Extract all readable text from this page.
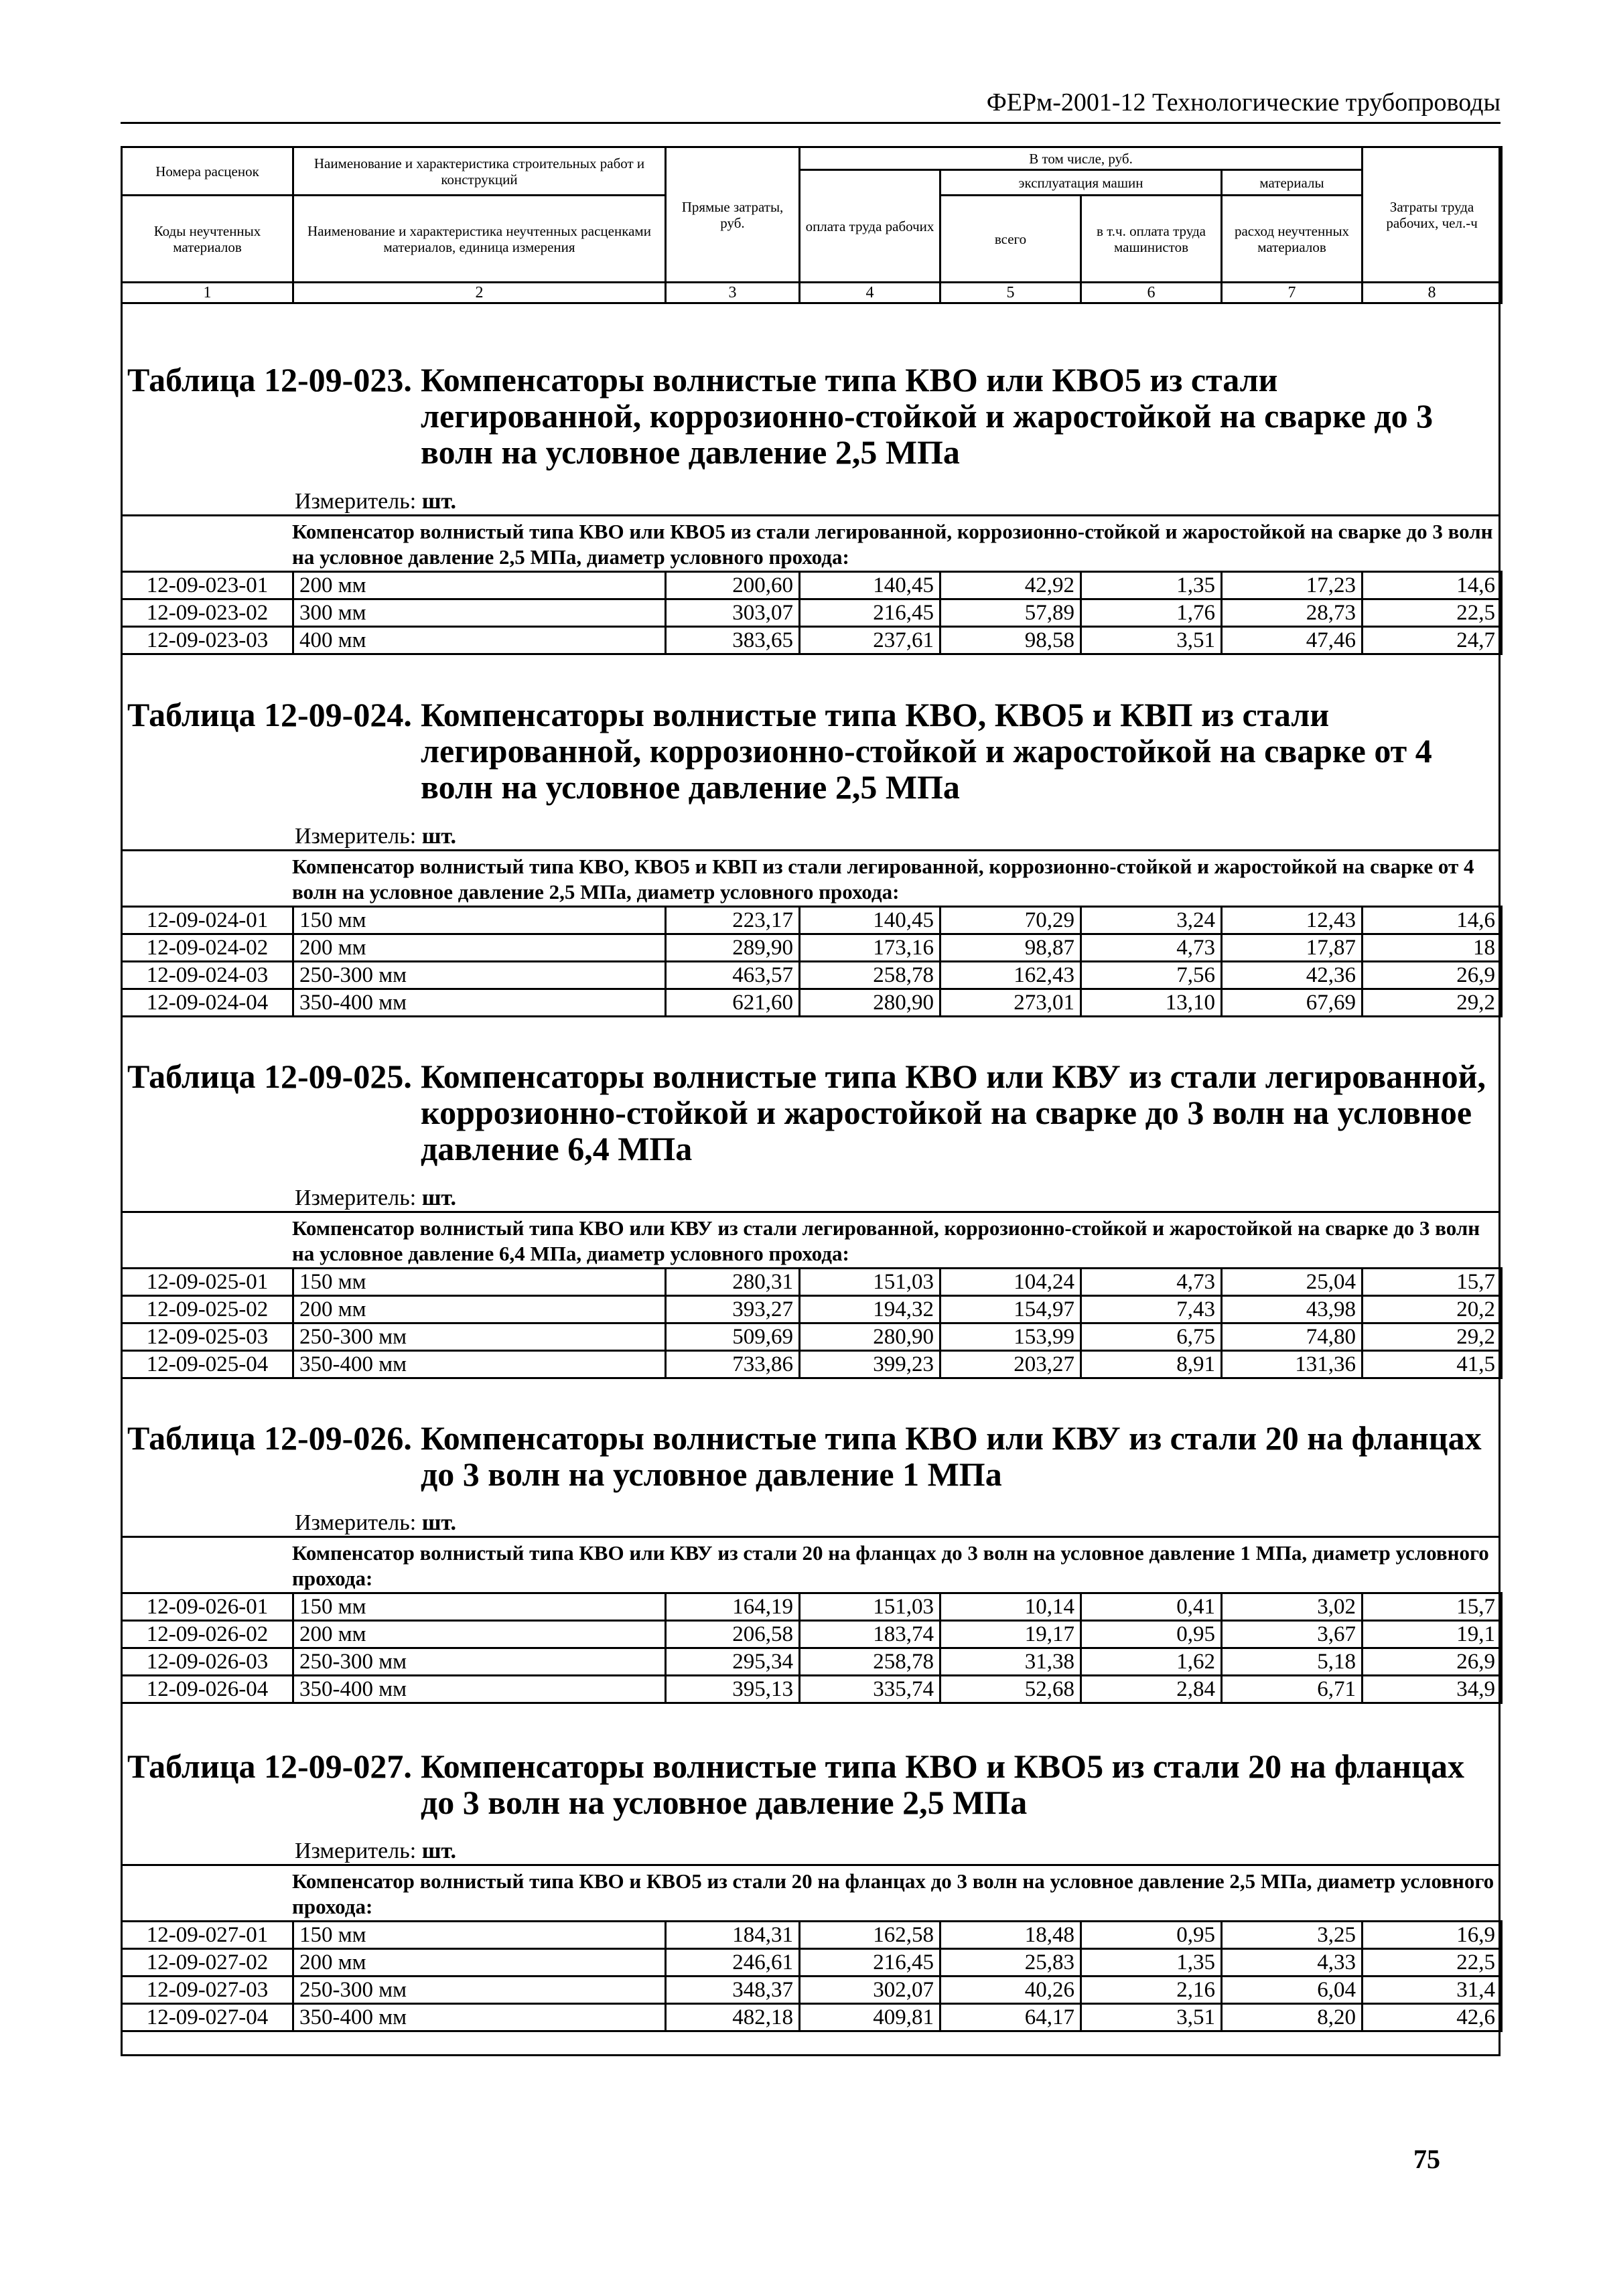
ФЕРм-2001-12 Технологические трубопроводы
Номера расценок	Наименование и характеристика строительных работ и конструкций	Прямые затраты, руб.	В том числе, руб.				Затраты труда рабочих, чел.-ч
			оплата труда рабочих	эксплуатация машин		материалы	
Коды неучтенных материалов	Наименование и характеристика неучтенных расценками материалов, единица измерения			всего	в т.ч. оплата труда машинистов	расход неучтенных материалов	

1	2	3	4	5	6	7	8
Таблица 12-09-023. Компенсаторы волнистые типа КВО или КВО5 из стали легированной, коррозионно-стойкой и жаростойкой на сварке до 3 волн на условное давление 2,5 МПа
Измеритель: шт.
Компенсатор волнистый типа КВО или КВО5 из стали легированной, коррозионно-стойкой и жаростойкой на сварке до 3 волн на условное давление 2,5 МПа, диаметр условного прохода:
12-09-023-01	200 мм	200,60	140,45	42,92	1,35	17,23	14,6
12-09-023-02	300 мм	303,07	216,45	57,89	1,76	28,73	22,5
12-09-023-03	400 мм	383,65	237,61	98,58	3,51	47,46	24,7
Таблица 12-09-024. Компенсаторы волнистые типа КВО, КВО5 и КВП из стали легированной, коррозионно-стойкой и жаростойкой на сварке от 4 волн на условное давление 2,5 МПа
Измеритель: шт.
Компенсатор волнистый типа КВО, КВО5 и КВП из стали легированной, коррозионно-стойкой и жаростойкой на сварке от 4 волн на условное давление 2,5 МПа, диаметр условного прохода:
12-09-024-01	150 мм	223,17	140,45	70,29	3,24	12,43	14,6
12-09-024-02	200 мм	289,90	173,16	98,87	4,73	17,87	18
12-09-024-03	250-300 мм	463,57	258,78	162,43	7,56	42,36	26,9
12-09-024-04	350-400 мм	621,60	280,90	273,01	13,10	67,69	29,2
Таблица 12-09-025. Компенсаторы волнистые типа КВО или КВУ из стали легированной, коррозионно-стойкой и жаростойкой на сварке до 3 волн на условное давление 6,4 МПа
Измеритель: шт.
Компенсатор волнистый типа КВО или КВУ из стали легированной, коррозионно-стойкой и жаростойкой на сварке до 3 волн на условное давление 6,4 МПа, диаметр условного прохода:
12-09-025-01	150 мм	280,31	151,03	104,24	4,73	25,04	15,7
12-09-025-02	200 мм	393,27	194,32	154,97	7,43	43,98	20,2
12-09-025-03	250-300 мм	509,69	280,90	153,99	6,75	74,80	29,2
12-09-025-04	350-400 мм	733,86	399,23	203,27	8,91	131,36	41,5
Таблица 12-09-026. Компенсаторы волнистые типа КВО или КВУ из стали 20 на фланцах до 3 волн на условное давление 1 МПа
Измеритель: шт.
Компенсатор волнистый типа КВО или КВУ из стали 20 на фланцах до 3 волн на условное давление 1 МПа, диаметр условного прохода:
12-09-026-01	150 мм	164,19	151,03	10,14	0,41	3,02	15,7
12-09-026-02	200 мм	206,58	183,74	19,17	0,95	3,67	19,1
12-09-026-03	250-300 мм	295,34	258,78	31,38	1,62	5,18	26,9
12-09-026-04	350-400 мм	395,13	335,74	52,68	2,84	6,71	34,9
Таблица 12-09-027. Компенсаторы волнистые типа КВО и КВО5 из стали 20 на фланцах до 3 волн на условное давление 2,5 МПа
Измеритель: шт.
Компенсатор волнистый типа КВО и КВО5 из стали 20 на фланцах до 3 волн на условное давление 2,5 МПа, диаметр условного прохода:
12-09-027-01	150 мм	184,31	162,58	18,48	0,95	3,25	16,9
12-09-027-02	200 мм	246,61	216,45	25,83	1,35	4,33	22,5
12-09-027-03	250-300 мм	348,37	302,07	40,26	2,16	6,04	31,4
12-09-027-04	350-400 мм	482,18	409,81	64,17	3,51	8,20	42,6
75
